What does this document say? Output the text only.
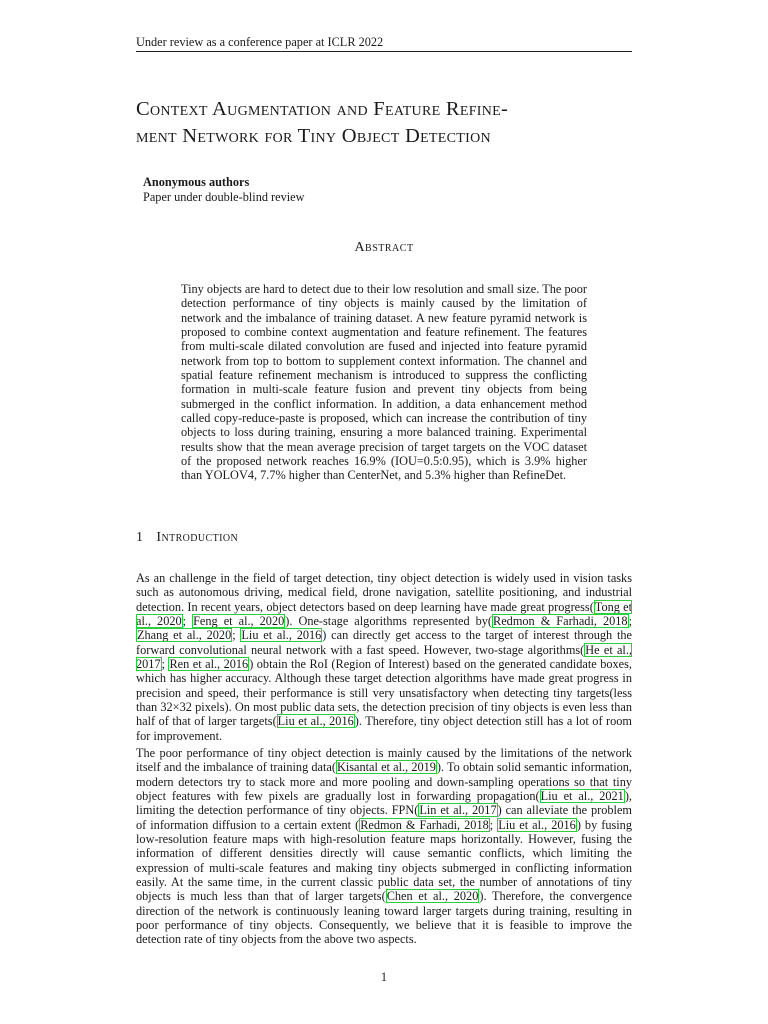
Under review as a conference paper at ICLR 2022
Context Augmentation and Feature Refine-
ment Network for Tiny Object Detection
Anonymous authors
Paper under double-blind review
Abstract
Tiny objects are hard to detect due to their low resolution and small size. The poor detection performance of tiny objects is mainly caused by the limitation of network and the imbalance of training dataset. A new feature pyramid network is proposed to combine context augmentation and feature refinement. The features from multi-scale dilated convolution are fused and injected into feature pyramid network from top to bottom to supplement context information. The channel and spatial feature refinement mechanism is introduced to suppress the conflicting formation in multi-scale feature fusion and prevent tiny objects from being submerged in the conflict information. In addition, a data enhancement method called copy-reduce-paste is proposed, which can increase the contribution of tiny objects to loss during training, ensuring a more balanced training. Experimental results show that the mean average precision of target targets on the VOC dataset of the proposed network reaches 16.9% (IOU=0.5:0.95), which is 3.9% higher than YOLOV4, 7.7% higher than CenterNet, and 5.3% higher than RefineDet.
1 Introduction
As an challenge in the field of target detection, tiny object detection is widely used in vision tasks such as autonomous driving, medical field, drone navigation, satellite positioning, and industrial detection. In recent years, object detectors based on deep learning have made great progress(Tong et al., 2020; Feng et al., 2020). One-stage algorithms represented by(Redmon & Farhadi, 2018; Zhang et al., 2020; Liu et al., 2016) can directly get access to the target of interest through the forward convolutional neural network with a fast speed. However, two-stage algorithms(He et al., 2017; Ren et al., 2016) obtain the RoI (Region of Interest) based on the generated candidate boxes, which has higher accuracy. Although these target detection algorithms have made great progress in precision and speed, their performance is still very unsatisfactory when detecting tiny targets(less than 32×32 pixels). On most public data sets, the detection precision of tiny objects is even less than half of that of larger targets(Liu et al., 2016). Therefore, tiny object detection still has a lot of room for improvement.
The poor performance of tiny object detection is mainly caused by the limitations of the network itself and the imbalance of training data(Kisantal et al., 2019). To obtain solid semantic information, modern detectors try to stack more and more pooling and down-sampling operations so that tiny object features with few pixels are gradually lost in forwarding propagation(Liu et al., 2021), limiting the detection performance of tiny objects. FPN(Lin et al., 2017) can alleviate the problem of information diffusion to a certain extent (Redmon & Farhadi, 2018; Liu et al., 2016) by fusing low-resolution feature maps with high-resolution feature maps horizontally. However, fusing the information of different densities directly will cause semantic conflicts, which limiting the expression of multi-scale features and making tiny objects submerged in conflicting information easily. At the same time, in the current classic public data set, the number of annotations of tiny objects is much less than that of larger targets(Chen et al., 2020). Therefore, the convergence direction of the network is continuously leaning toward larger targets during training, resulting in poor performance of tiny objects. Consequently, we believe that it is feasible to improve the detection rate of tiny objects from the above two aspects.
1
